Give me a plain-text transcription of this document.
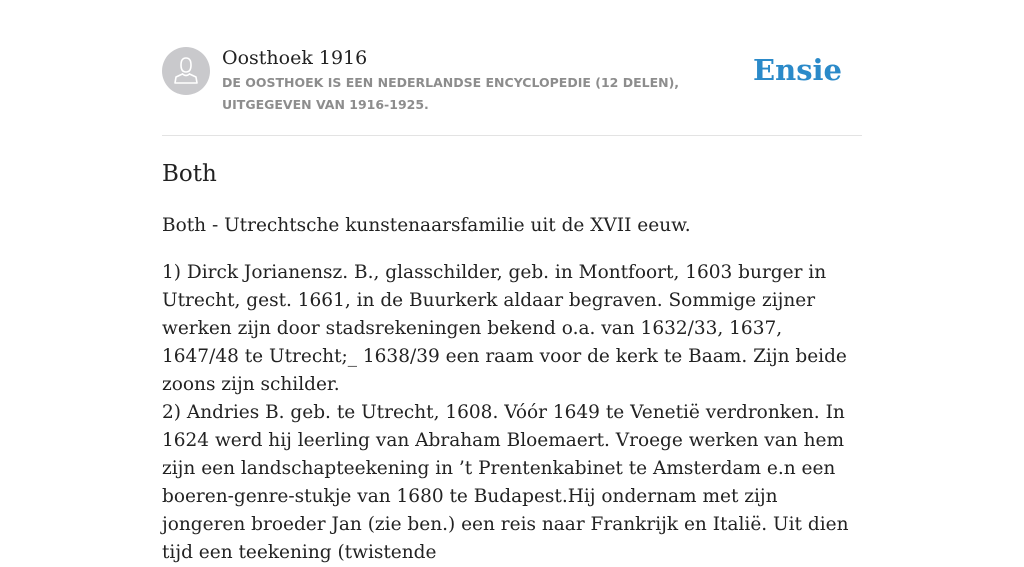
Oosthoek 1916
DE OOSTHOEK IS EEN NEDERLANDSE ENCYCLOPEDIE (12 DELEN), UITGEGEVEN VAN 1916-1925.
Ensie
Both

Both - Utrechtsche kunstenaarsfamilie uit de XVII eeuw.

1) Dirck Jorianensz. B., glasschilder, geb. in Montfoort, 1603 burger in Utrecht, gest. 1661, in de Buurkerk aldaar begraven. Sommige zijner werken zijn door stadsrekeningen bekend o.a. van 1632/33, 1637, 1647/48 te Utrecht;_ 1638/39 een raam voor de kerk te Baam. Zijn beide zoons zijn schilder.

2) Andries B. geb. te Utrecht, 1608. Vóór 1649 te Venetië verdronken. In 1624 werd hij leerling van Abraham Bloemaert. Vroege werken van hem zijn een landschapteekening in ’t Prentenkabinet te Amsterdam e.n een boeren-genre-stukje van 1680 te Budapest.Hij ondernam met zijn jongeren broeder Jan (zie ben.) een reis naar Frankrijk en Italië. Uit dien tijd een teekening (twistende
